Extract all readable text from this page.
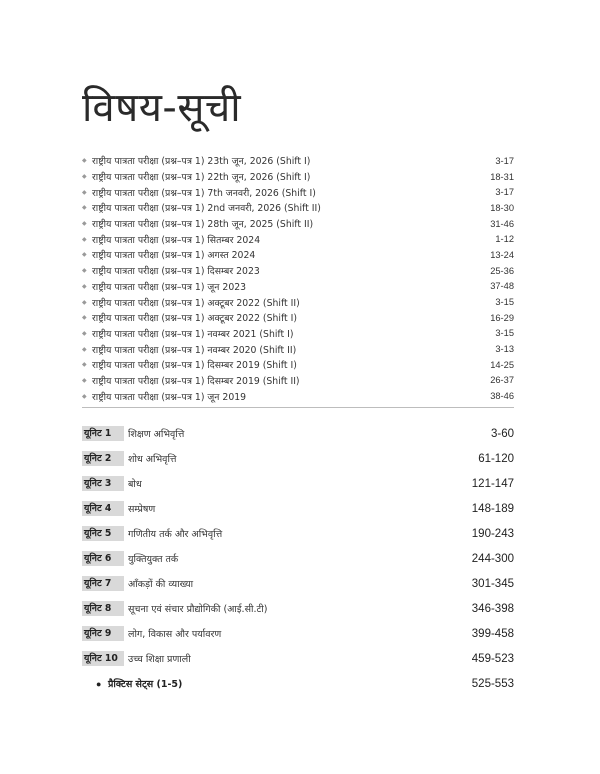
विषय-सूची
◆ राष्ट्रीय पात्रता परीक्षा (प्रश्न–पत्र 1) 23th जून, 2026 (Shift I)	3-17
◆ राष्ट्रीय पात्रता परीक्षा (प्रश्न–पत्र 1) 22th जून, 2026 (Shift I)	18-31
◆ राष्ट्रीय पात्रता परीक्षा (प्रश्न–पत्र 1) 7th जनवरी, 2026 (Shift I)	3-17
◆ राष्ट्रीय पात्रता परीक्षा (प्रश्न–पत्र 1) 2nd जनवरी, 2026 (Shift II)	18-30
◆ राष्ट्रीय पात्रता परीक्षा (प्रश्न–पत्र 1) 28th जून, 2025 (Shift II)	31-46
◆ राष्ट्रीय पात्रता परीक्षा (प्रश्न–पत्र 1) सितम्बर 2024	1-12
◆ राष्ट्रीय पात्रता परीक्षा (प्रश्न–पत्र 1) अगस्त 2024	13-24
◆ राष्ट्रीय पात्रता परीक्षा (प्रश्न–पत्र 1) दिसम्बर 2023	25-36
◆ राष्ट्रीय पात्रता परीक्षा (प्रश्न–पत्र 1) जून 2023	37-48
◆ राष्ट्रीय पात्रता परीक्षा (प्रश्न–पत्र 1) अक्टूबर 2022 (Shift II)	3-15
◆ राष्ट्रीय पात्रता परीक्षा (प्रश्न–पत्र 1) अक्टूबर 2022 (Shift I)	16-29
◆ राष्ट्रीय पात्रता परीक्षा (प्रश्न–पत्र 1) नवम्बर 2021 (Shift I)	3-15
◆ राष्ट्रीय पात्रता परीक्षा (प्रश्न–पत्र 1) नवम्बर 2020 (Shift II)	3-13
◆ राष्ट्रीय पात्रता परीक्षा (प्रश्न–पत्र 1) दिसम्बर 2019 (Shift I)	14-25
◆ राष्ट्रीय पात्रता परीक्षा (प्रश्न–पत्र 1) दिसम्बर 2019 (Shift II)	26-37
◆ राष्ट्रीय पात्रता परीक्षा (प्रश्न–पत्र 1) जून 2019	38-46
यूनिट 1	शिक्षण अभिवृत्ति	3-60
यूनिट 2	शोध अभिवृत्ति	61-120
यूनिट 3	बोध	121-147
यूनिट 4	सम्प्रेषण	148-189
यूनिट 5	गणितीय तर्क और अभिवृत्ति	190-243
यूनिट 6	युक्तियुक्त तर्क	244-300
यूनिट 7	आँकड़ों की व्याख्या	301-345
यूनिट 8	सूचना एवं संचार प्रौद्योगिकी (आई.सी.टी)	346-398
यूनिट 9	लोग, विकास और पर्यावरण	399-458
यूनिट 10	उच्च शिक्षा प्रणाली	459-523
● प्रैक्टिस सेट्स (1-5)	525-553
